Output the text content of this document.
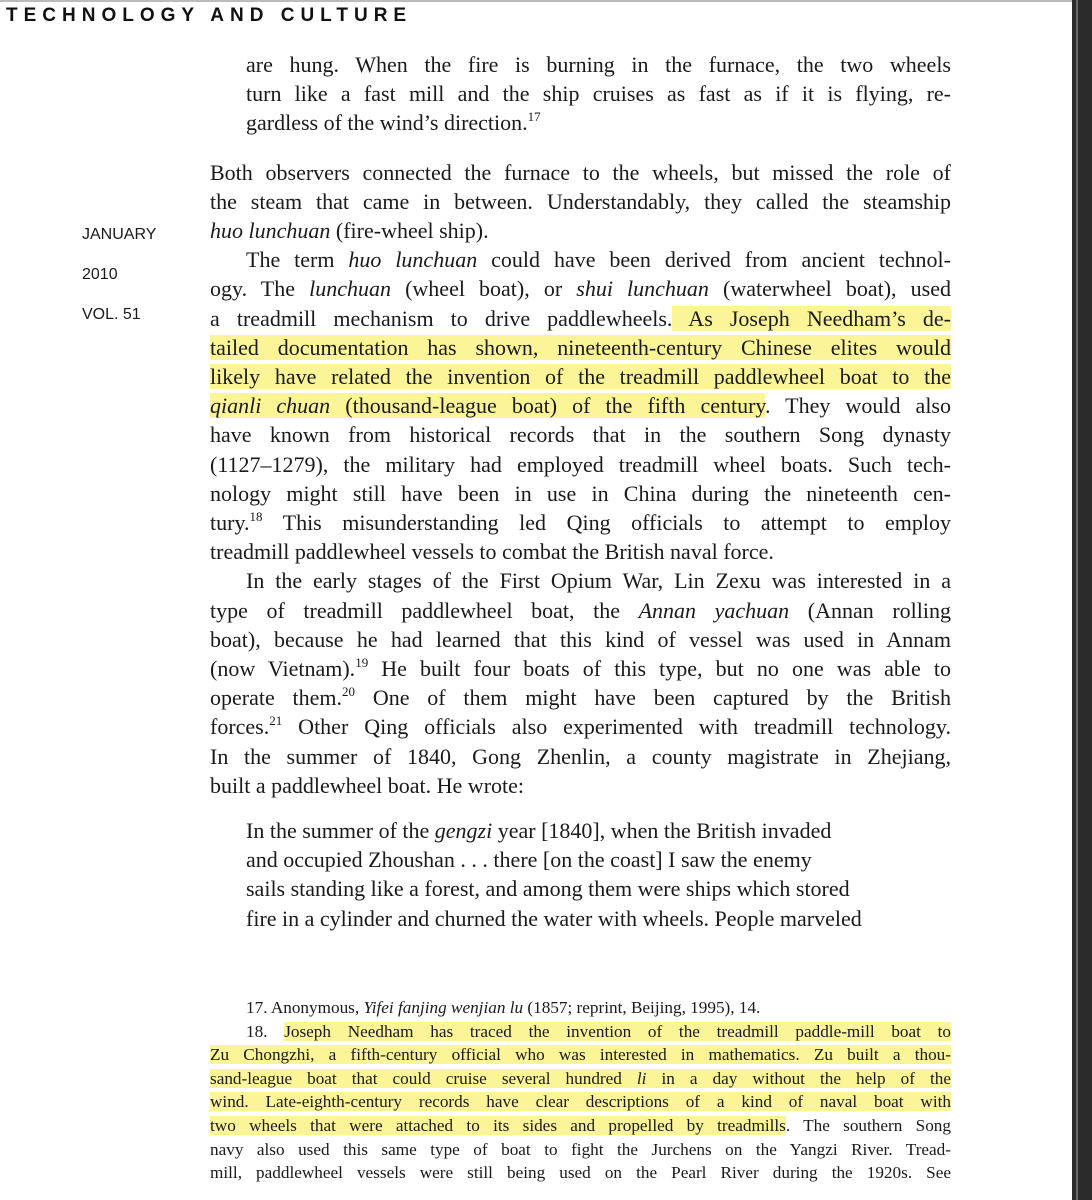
TECHNOLOGY AND CULTURE
JANUARY
2010
VOL. 51
are hung. When the fire is burning in the furnace, the two wheels
turn like a fast mill and the ship cruises as fast as if it is flying, re-
gardless of the wind’s direction.$^{17}$
Both observers connected the furnace to the wheels, but missed the role of
the steam that came in between. Understandably, they called the steamship
huo lunchuan (fire-wheel ship).
The term huo lunchuan could have been derived from ancient technol-
ogy. The lunchuan (wheel boat), or shui lunchuan (waterwheel boat), used
a treadmill mechanism to drive paddlewheels. As Joseph Needham’s de-
tailed documentation has shown, nineteenth-century Chinese elites would
likely have related the invention of the treadmill paddlewheel boat to the
qianli chuan (thousand-league boat) of the fifth century. They would also
have known from historical records that in the southern Song dynasty
(1127–1279), the military had employed treadmill wheel boats. Such tech-
nology might still have been in use in China during the nineteenth cen-
tury.$^{18}$ This misunderstanding led Qing officials to attempt to employ
treadmill paddlewheel vessels to combat the British naval force.
In the early stages of the First Opium War, Lin Zexu was interested in a
type of treadmill paddlewheel boat, the Annan yachuan (Annan rolling
boat), because he had learned that this kind of vessel was used in Annam
(now Vietnam).$^{19}$ He built four boats of this type, but no one was able to
operate them.$^{20}$ One of them might have been captured by the British
forces.$^{21}$ Other Qing officials also experimented with treadmill technology.
In the summer of 1840, Gong Zhenlin, a county magistrate in Zhejiang,
built a paddlewheel boat. He wrote:
In the summer of the gengzi year [1840], when the British invaded
and occupied Zhoushan . . . there [on the coast] I saw the enemy
sails standing like a forest, and among them were ships which stored
fire in a cylinder and churned the water with wheels. People marveled
17. Anonymous, Yifei fanjing wenjian lu (1857; reprint, Beijing, 1995), 14.
18. Joseph Needham has traced the invention of the treadmill paddle-mill boat to
Zu Chongzhi, a fifth-century official who was interested in mathematics. Zu built a thou-
sand-league boat that could cruise several hundred li in a day without the help of the
wind. Late-eighth-century records have clear descriptions of a kind of naval boat with
two wheels that were attached to its sides and propelled by treadmills. The southern Song
navy also used this same type of boat to fight the Jurchens on the Yangzi River. Tread-
mill, paddlewheel vessels were still being used on the Pearl River during the 1920s. See
